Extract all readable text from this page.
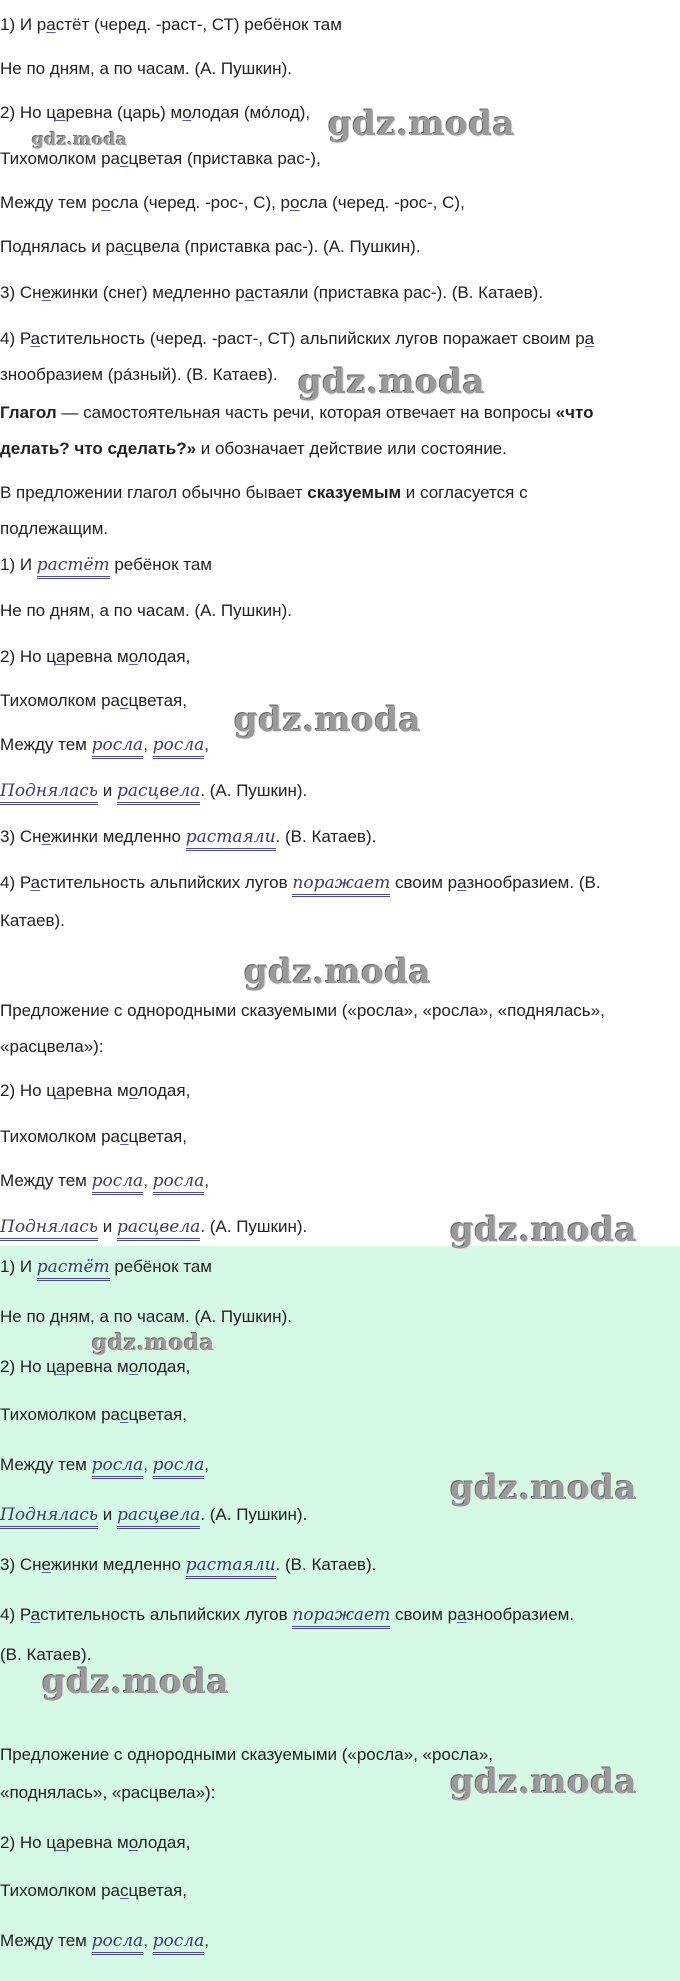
1) И растёт (черед. -раст-, СТ) ребёнок там
Не по дням, а по часам. (А. Пушкин).
2) Но царевна (царь) молодая (мо́лод),
Тихомолком расцветая (приставка рас-),
Между тем росла (черед. -рос-, С), росла (черед. -рос-, С),
Поднялась и расцвела (приставка рас-). (А. Пушкин).
3) Снежинки (снег) медленно растаяли (приставка рас-). (В. Катаев).
4) Растительность (черед. -раст-, СТ) альпийских лугов поражает своим ра
знообразием (ра́зный). (В. Катаев).
Глагол — самостоятельная часть речи, которая отвечает на вопросы «что
делать? что сделать?» и обозначает действие или состояние.
В предложении глагол обычно бывает сказуемым и согласуется с
подлежащим.
1) И растёт ребёнок там
Не по дням, а по часам. (А. Пушкин).
2) Но царевна молодая,
Тихомолком расцветая,
Между тем росла, росла,
Поднялась и расцвела. (А. Пушкин).
3) Снежинки медленно растаяли. (В. Катаев).
4) Растительность альпийских лугов поражает своим разнообразием. (В.
Катаев).
Предложение с однородными сказуемыми («росла», «росла», «поднялась»,
«расцвела»):
2) Но царевна молодая,
Тихомолком расцветая,
Между тем росла, росла,
Поднялась и расцвела. (А. Пушкин).
1) И растёт ребёнок там
Не по дням, а по часам. (А. Пушкин).
2) Но царевна молодая,
Тихомолком расцветая,
Между тем росла, росла,
Поднялась и расцвела. (А. Пушкин).
3) Снежинки медленно растаяли. (В. Катаев).
4) Растительность альпийских лугов поражает своим разнообразием.
(В. Катаев).
Предложение с однородными сказуемыми («росла», «росла»,
«поднялась», «расцвела»):
2) Но царевна молодая,
Тихомолком расцветая,
Между тем росла, росла,
gdz.moda	gdz.moda
gdz.moda
gdz.moda
gdz.moda
gdz.moda
gdz.moda
gdz.moda
gdz.moda
gdz.moda
